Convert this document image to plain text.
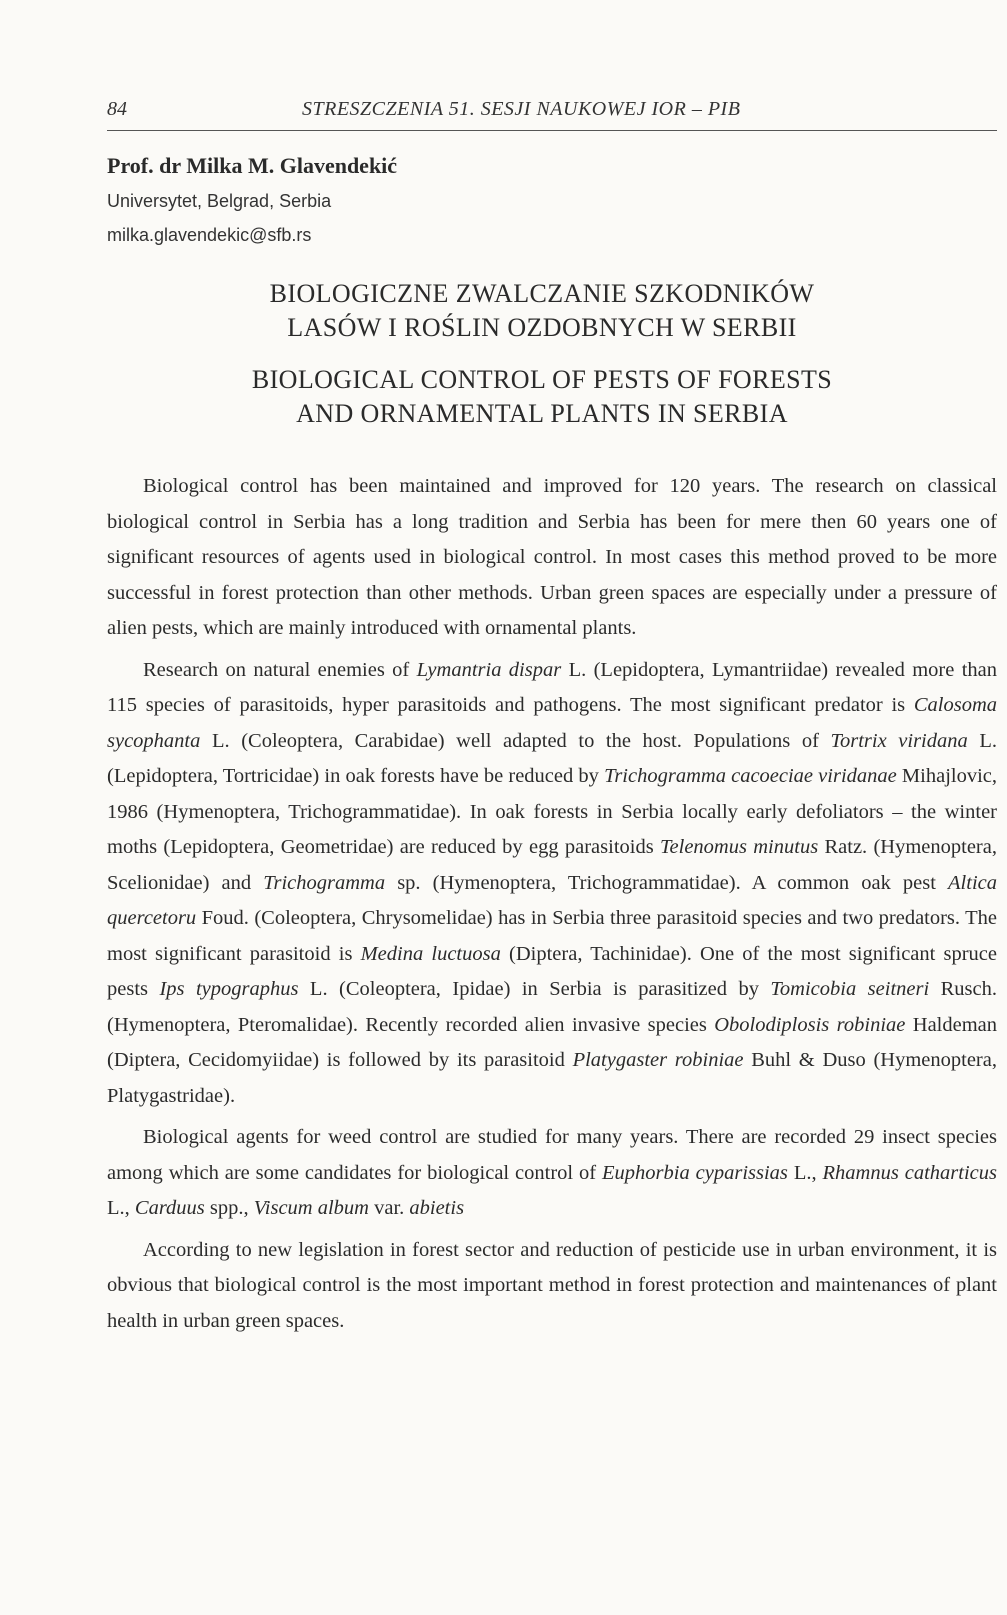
84	STRESZCZENIA 51. SESJI NAUKOWEJ IOR – PIB
Prof. dr Milka M. Glavendekić
Universytet, Belgrad, Serbia
milka.glavendekic@sfb.rs
BIOLOGICZNE ZWALCZANIE SZKODNIKÓW
LASÓW I ROŚLIN OZDOBNYCH W SERBII
BIOLOGICAL CONTROL OF PESTS OF FORESTS
AND ORNAMENTAL PLANTS IN SERBIA

Biological control has been maintained and improved for 120 years. The research on classical biological control in Serbia has a long tradition and Serbia has been for mere then 60 years one of significant resources of agents used in biological control. In most cases this method proved to be more successful in forest protection than other methods. Urban green spaces are especially under a pressure of alien pests, which are mainly introduced with ornamental plants.

Research on natural enemies of Lymantria dispar L. (Lepidoptera, Lymantriidae) revealed more than 115 species of parasitoids, hyper parasitoids and pathogens. The most significant predator is Calosoma sycophanta L. (Coleoptera, Carabidae) well adapted to the host. Populations of Tortrix viridana L. (Lepidoptera, Tortricidae) in oak forests have be reduced by Trichogramma cacoeciae viridanae Mihajlovic, 1986 (Hymenoptera, Trichogrammatidae). In oak forests in Serbia locally early defoliators – the winter moths (Lepidoptera, Geometridae) are reduced by egg parasitoids Telenomus minutus Ratz. (Hymenoptera, Scelionidae) and Trichogramma sp. (Hymenoptera, Trichogrammatidae). A common oak pest Altica quercetoru Foud. (Coleoptera, Chrysomelidae) has in Serbia three parasitoid species and two predators. The most significant parasitoid is Medina luctuosa (Diptera, Tachinidae). One of the most significant spruce pests Ips typographus L. (Coleoptera, Ipidae) in Serbia is parasitized by Tomicobia seitneri Rusch. (Hymenoptera, Pteromalidae). Recently recorded alien invasive species Obolodiplosis robiniae Haldeman (Diptera, Cecidomyiidae) is followed by its parasitoid Platygaster robiniae Buhl & Duso (Hymenoptera, Platygastridae).

Biological agents for weed control are studied for many years. There are recorded 29 insect species among which are some candidates for biological control of Euphorbia cyparissias L., Rhamnus catharticus L., Carduus spp., Viscum album var. abietis

According to new legislation in forest sector and reduction of pesticide use in urban environment, it is obvious that biological control is the most important method in forest protection and maintenances of plant health in urban green spaces.
